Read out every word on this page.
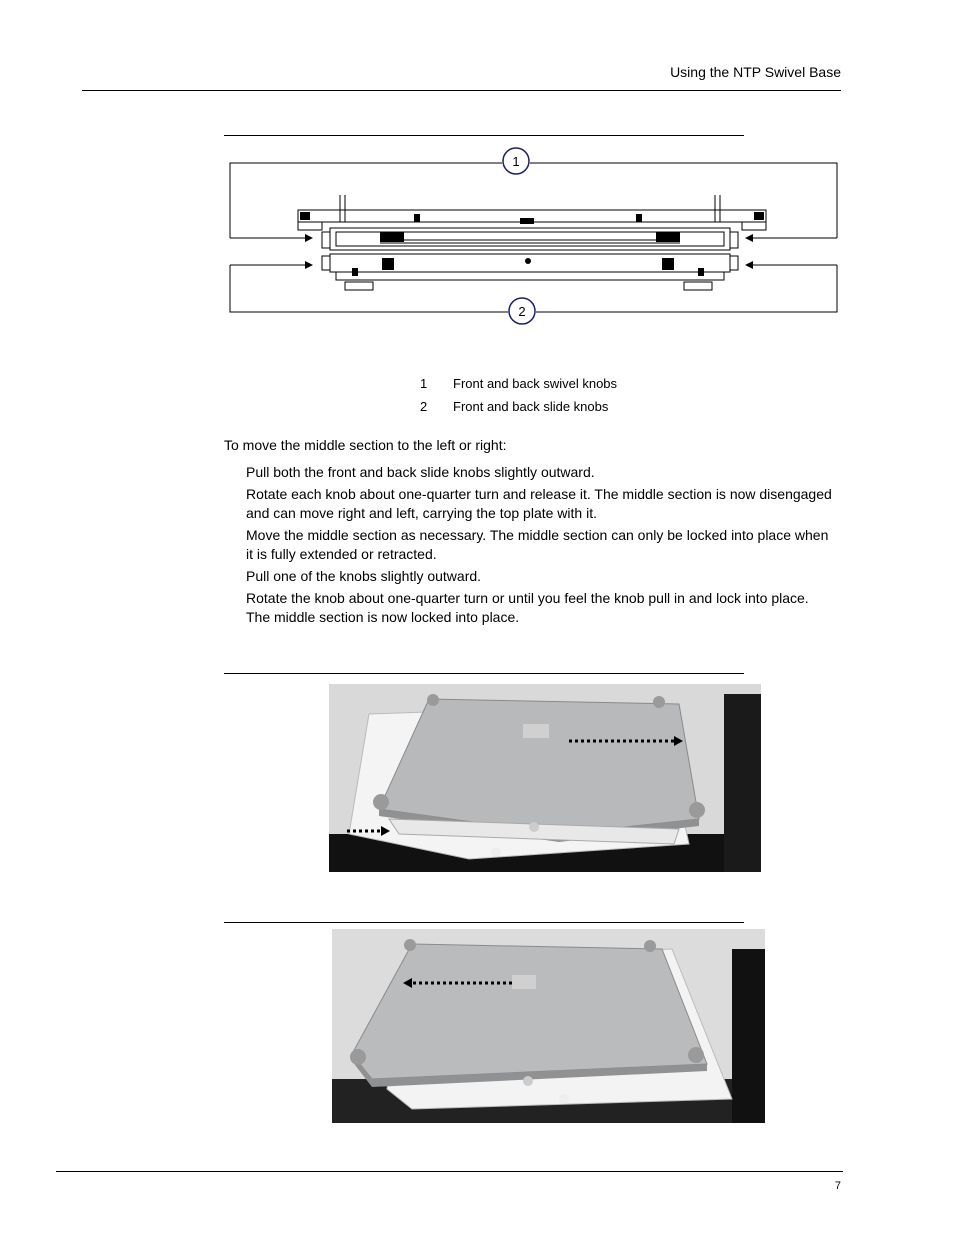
Using the NTP Swivel Base
1
2
1 Front and back swivel knobs
2 Front and back slide knobs
To move the middle section to the left or right:

Pull both the front and back slide knobs slightly outward.

Rotate each knob about one-quarter turn and release it. The middle section is now disengaged and can move right and left, carrying the top plate with it.

Move the middle section as necessary. The middle section can only be locked into place when it is fully extended or retracted.

Pull one of the knobs slightly outward.

Rotate the knob about one-quarter turn or until you feel the knob pull in and lock into place. The middle section is now locked into place.

7
